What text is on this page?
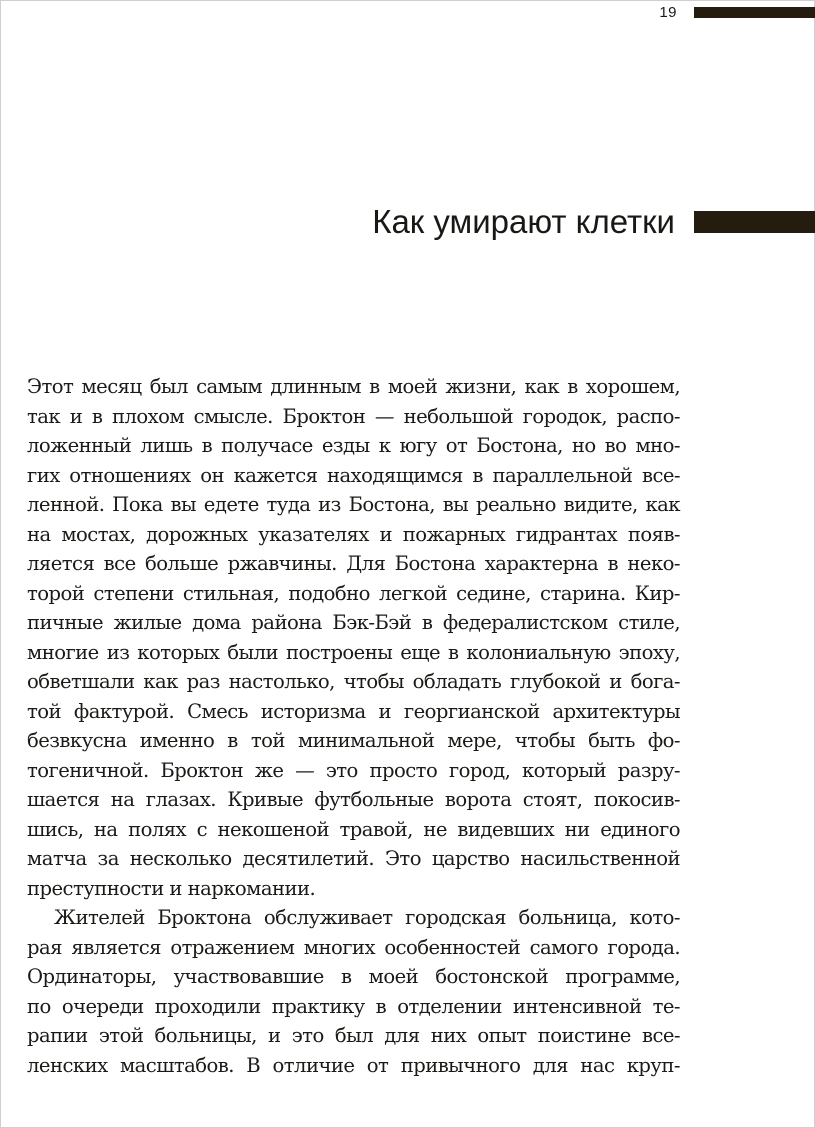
19
Как умирают клетки

Этот месяц был самым длинным в моей жизни, как в хорошем,
так и в плохом смысле. Броктон — небольшой городок, распо-
ложенный лишь в получасе езды к югу от Бостона, но во мно-
гих отношениях он кажется находящимся в параллельной все-
ленной. Пока вы едете туда из Бостона, вы реально видите, как
на мостах, дорожных указателях и пожарных гидрантах появ-
ляется все больше ржавчины. Для Бостона характерна в неко-
торой степени стильная, подобно легкой седине, старина. Кир-
пичные жилые дома района Бэк-Бэй в федералистском стиле,
многие из которых были построены еще в колониальную эпоху,
обветшали как раз настолько, чтобы обладать глубокой и бога-
той фактурой. Смесь историзма и георгианской архитектуры
безвкусна именно в той минимальной мере, чтобы быть фо-
тогеничной. Броктон же — это просто город, который разру-
шается на глазах. Кривые футбольные ворота стоят, покосив-
шись, на полях с некошеной травой, не видевших ни единого
матча за несколько десятилетий. Это царство насильственной
преступности и наркомании.

Жителей Броктона обслуживает городская больница, кото-
рая является отражением многих особенностей самого города.
Ординаторы, участвовавшие в моей бостонской программе,
по очереди проходили практику в отделении интенсивной те-
рапии этой больницы, и это был для них опыт поистине все-
ленских масштабов. В отличие от привычного для нас круп-
